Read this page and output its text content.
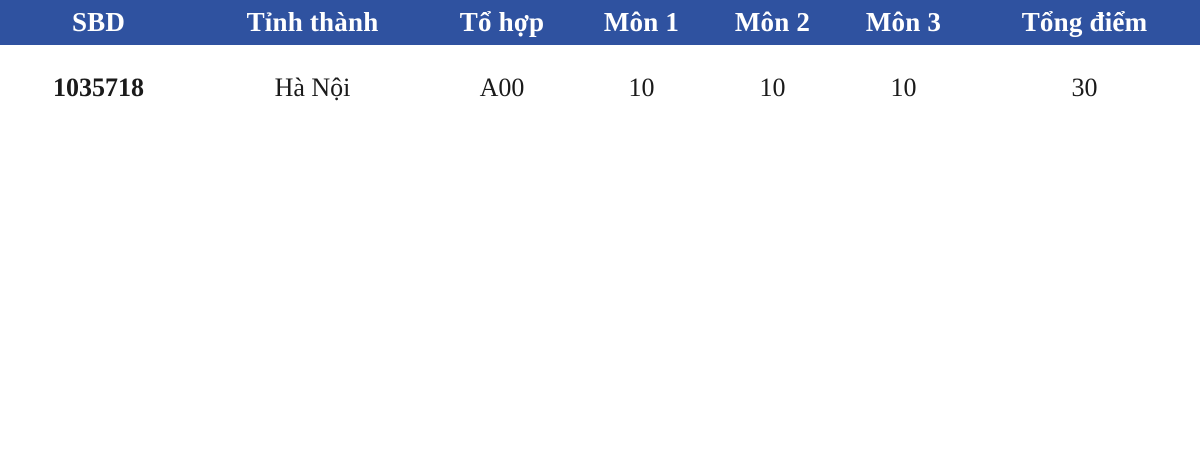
SBD	Tỉnh thành	Tổ hợp	Môn 1	Môn 2	Môn 3	Tổng điểm
1035718	Hà Nội	A00	10	10	10	30																																																								
